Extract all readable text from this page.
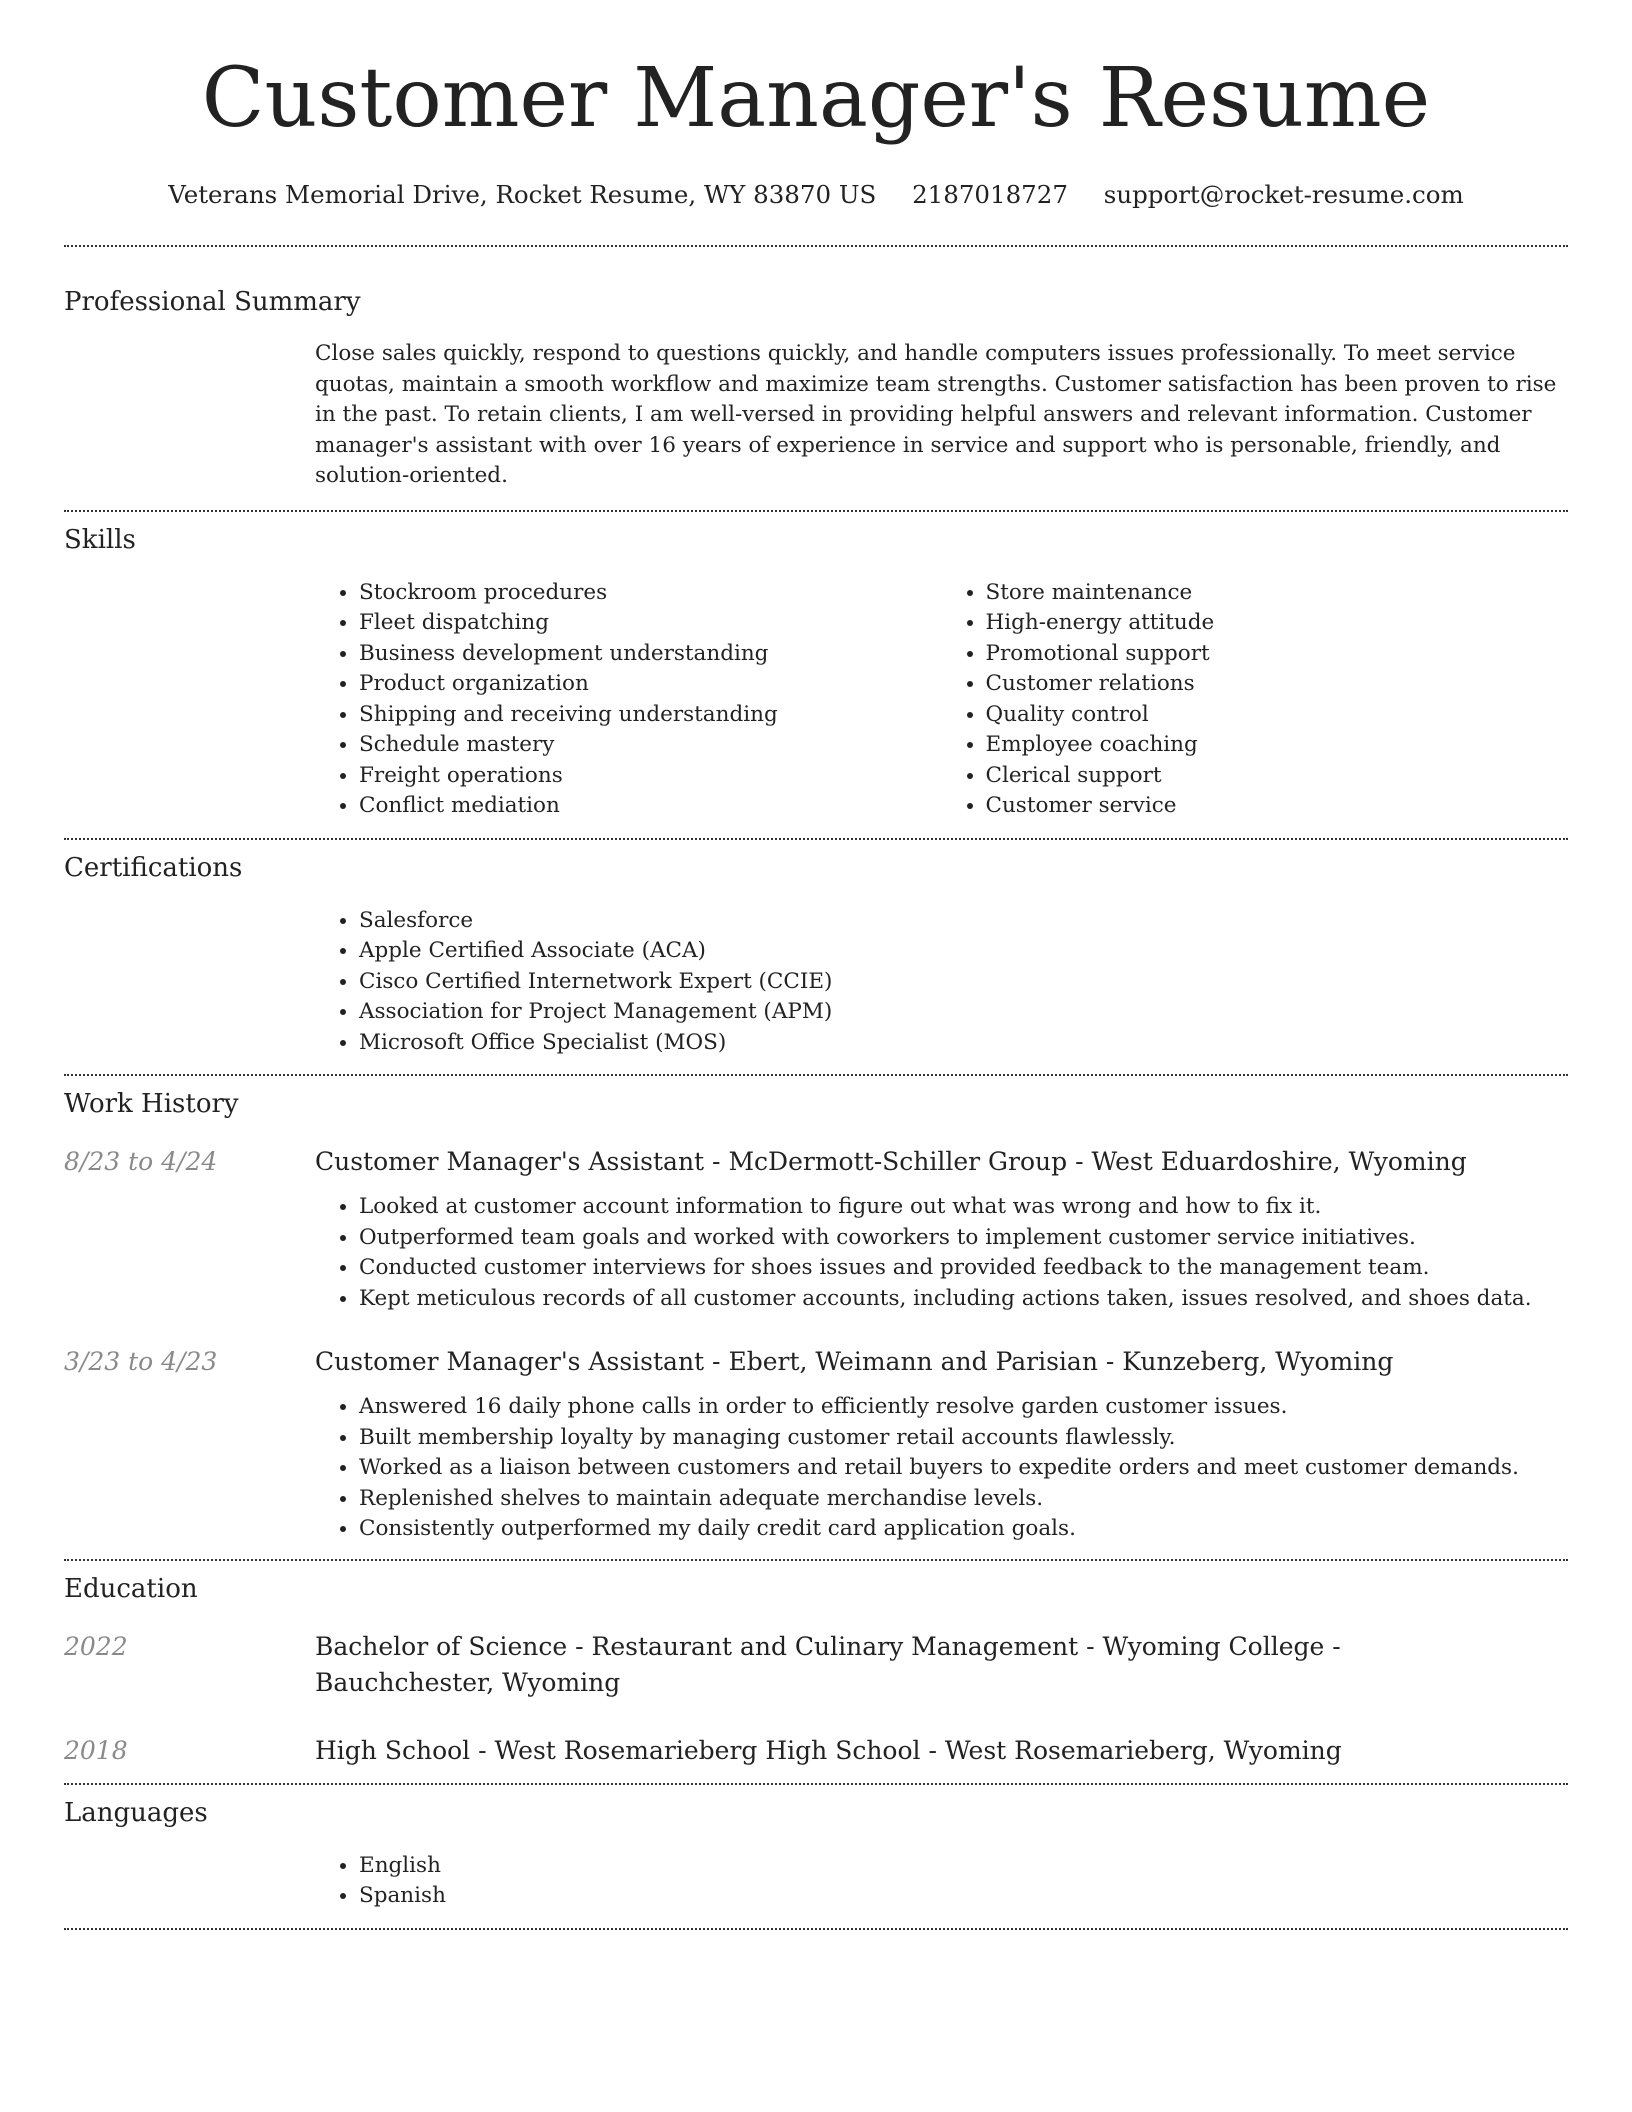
Customer Manager's Resume
Veterans Memorial Drive, Rocket Resume, WY 83870 US 2187018727 support@rocket-resume.com
Professional Summary
Close sales quickly, respond to questions quickly, and handle computers issues professionally. To meet service quotas, maintain a smooth workflow and maximize team strengths. Customer satisfaction has been proven to rise in the past. To retain clients, I am well-versed in providing helpful answers and relevant information. Customer manager's assistant with over 16 years of experience in service and support who is personable, friendly, and solution-oriented.
Skills
• Stockroom procedures
• Fleet dispatching
• Business development understanding
• Product organization
• Shipping and receiving understanding
• Schedule mastery
• Freight operations
• Conflict mediation
• Store maintenance
• High-energy attitude
• Promotional support
• Customer relations
• Quality control
• Employee coaching
• Clerical support
• Customer service
Certifications
• Salesforce
• Apple Certified Associate (ACA)
• Cisco Certified Internetwork Expert (CCIE)
• Association for Project Management (APM)
• Microsoft Office Specialist (MOS)
Work History
8/23 to 4/24	Customer Manager's Assistant - McDermott-Schiller Group - West Eduardoshire, Wyoming
• Looked at customer account information to figure out what was wrong and how to fix it.
• Outperformed team goals and worked with coworkers to implement customer service initiatives.
• Conducted customer interviews for shoes issues and provided feedback to the management team.
• Kept meticulous records of all customer accounts, including actions taken, issues resolved, and shoes data.
3/23 to 4/23	Customer Manager's Assistant - Ebert, Weimann and Parisian - Kunzeberg, Wyoming
• Answered 16 daily phone calls in order to efficiently resolve garden customer issues.
• Built membership loyalty by managing customer retail accounts flawlessly.
• Worked as a liaison between customers and retail buyers to expedite orders and meet customer demands.
• Replenished shelves to maintain adequate merchandise levels.
• Consistently outperformed my daily credit card application goals.
Education
2022	Bachelor of Science - Restaurant and Culinary Management - Wyoming College - Bauchchester, Wyoming
2018	High School - West Rosemarieberg High School - West Rosemarieberg, Wyoming
Languages
• English
• Spanish
